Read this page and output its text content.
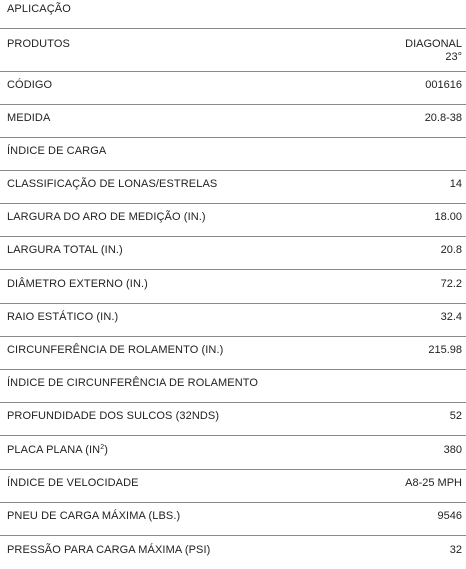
APLICAÇÃO
PRODUTOS	DIAGONAL
23°
CÓDIGO	001616
MEDIDA	20.8-38
ÍNDICE DE CARGA
CLASSIFICAÇÃO DE LONAS/ESTRELAS	14
LARGURA DO ARO DE MEDIÇÃO (IN.)	18.00
LARGURA TOTAL (IN.)	20.8
DIÂMETRO EXTERNO (IN.)	72.2
RAIO ESTÁTICO (IN.)	32.4
CIRCUNFERÊNCIA DE ROLAMENTO (IN.)	215.98
ÍNDICE DE CIRCUNFERÊNCIA DE ROLAMENTO
PROFUNDIDADE DOS SULCOS (32NDS)	52
PLACA PLANA $(IN^2)$	380
ÍNDICE DE VELOCIDADE	A8-25 MPH
PNEU DE CARGA MÁXIMA (LBS.)	9546
PRESSÃO PARA CARGA MÁXIMA (PSI)	32
